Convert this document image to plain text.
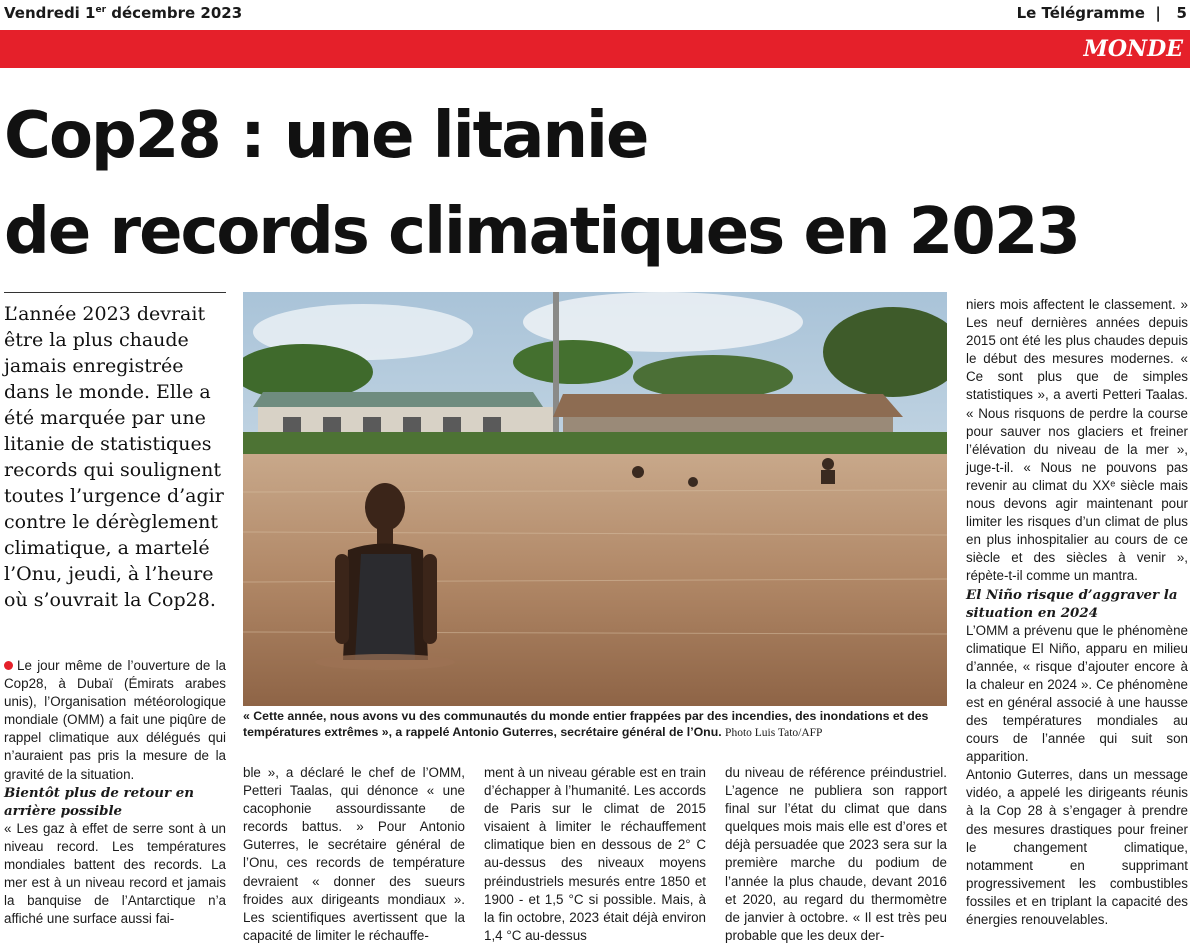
Vendredi 1er décembre 2023	Le Télégramme  |   5
MONDE
Cop28 : une litanie
de records climatiques en 2023
L’année 2023 devrait être la plus chaude jamais enregistrée dans le monde. Elle a été marquée par une litanie de statistiques records qui soulignent toutes l’urgence d’agir contre le dérèglement climatique, a martelé l’Onu, jeudi, à l’heure où s’ouvrait la Cop28.

Le jour même de l’ouverture de la Cop28, à Dubaï (Émirats arabes unis), l’Organisation météorologique mondiale (OMM) a fait une piqûre de rappel climatique aux délégués qui n’auraient pas pris la mesure de la gravité de la situation.

Bientôt plus de retour en arrière possible

« Les gaz à effet de serre sont à un niveau record. Les températures mondiales battent des records. La mer est à un niveau record et jamais la banquise de l’Antarctique n’a affiché une surface aussi fai-

« Cette année, nous avons vu des communautés du monde entier frappées par des incendies, des inondations et des températures extrêmes », a rappelé Antonio Guterres, secrétaire général de l’Onu. Photo Luis Tato/AFP
ble », a déclaré le chef de l’OMM, Petteri Taalas, qui dénonce « une cacophonie assourdissante de records battus. » Pour Antonio Guterres, le secrétaire général de l’Onu, ces records de température devraient « donner des sueurs froides aux dirigeants mondiaux ». Les scientifiques avertissent que la capacité de limiter le réchauffe-
ment à un niveau gérable est en train d’échapper à l’humanité. Les accords de Paris sur le climat de 2015 visaient à limiter le réchauffement climatique bien en dessous de 2° C au-dessus des niveaux moyens préindustriels mesurés entre 1850 et 1900 - et 1,5 °C si possible. Mais, à la fin octobre, 2023 était déjà environ 1,4 °C au-dessus
du niveau de référence préindustriel. L’agence ne publiera son rapport final sur l’état du climat que dans quelques mois mais elle est d’ores et déjà persuadée que 2023 sera sur la première marche du podium de l’année la plus chaude, devant 2016 et 2020, au regard du thermomètre de janvier à octobre. « Il est très peu probable que les deux der-

niers mois affectent le classement. » Les neuf dernières années depuis 2015 ont été les plus chaudes depuis le début des mesures modernes. « Ce sont plus que de simples statistiques », a averti Petteri Taalas. « Nous risquons de perdre la course pour sauver nos glaciers et freiner l’élévation du niveau de la mer », juge-t-il. « Nous ne pouvons pas revenir au climat du XXᵉ siècle mais nous devons agir maintenant pour limiter les risques d’un climat de plus en plus inhospitalier au cours de ce siècle et des siècles à venir », répète-t-il comme un mantra.

El Niño risque d’aggraver la situation en 2024

L’OMM a prévenu que le phénomène climatique El Niño, apparu en milieu d’année, « risque d’ajouter encore à la chaleur en 2024 ». Ce phénomène est en général associé à une hausse des températures mondiales au cours de l’année qui suit son apparition.

Antonio Guterres, dans un message vidéo, a appelé les dirigeants réunis à la Cop 28 à s’engager à prendre des mesures drastiques pour freiner le changement climatique, notamment en supprimant progressivement les combustibles fossiles et en triplant la capacité des énergies renouvelables.
